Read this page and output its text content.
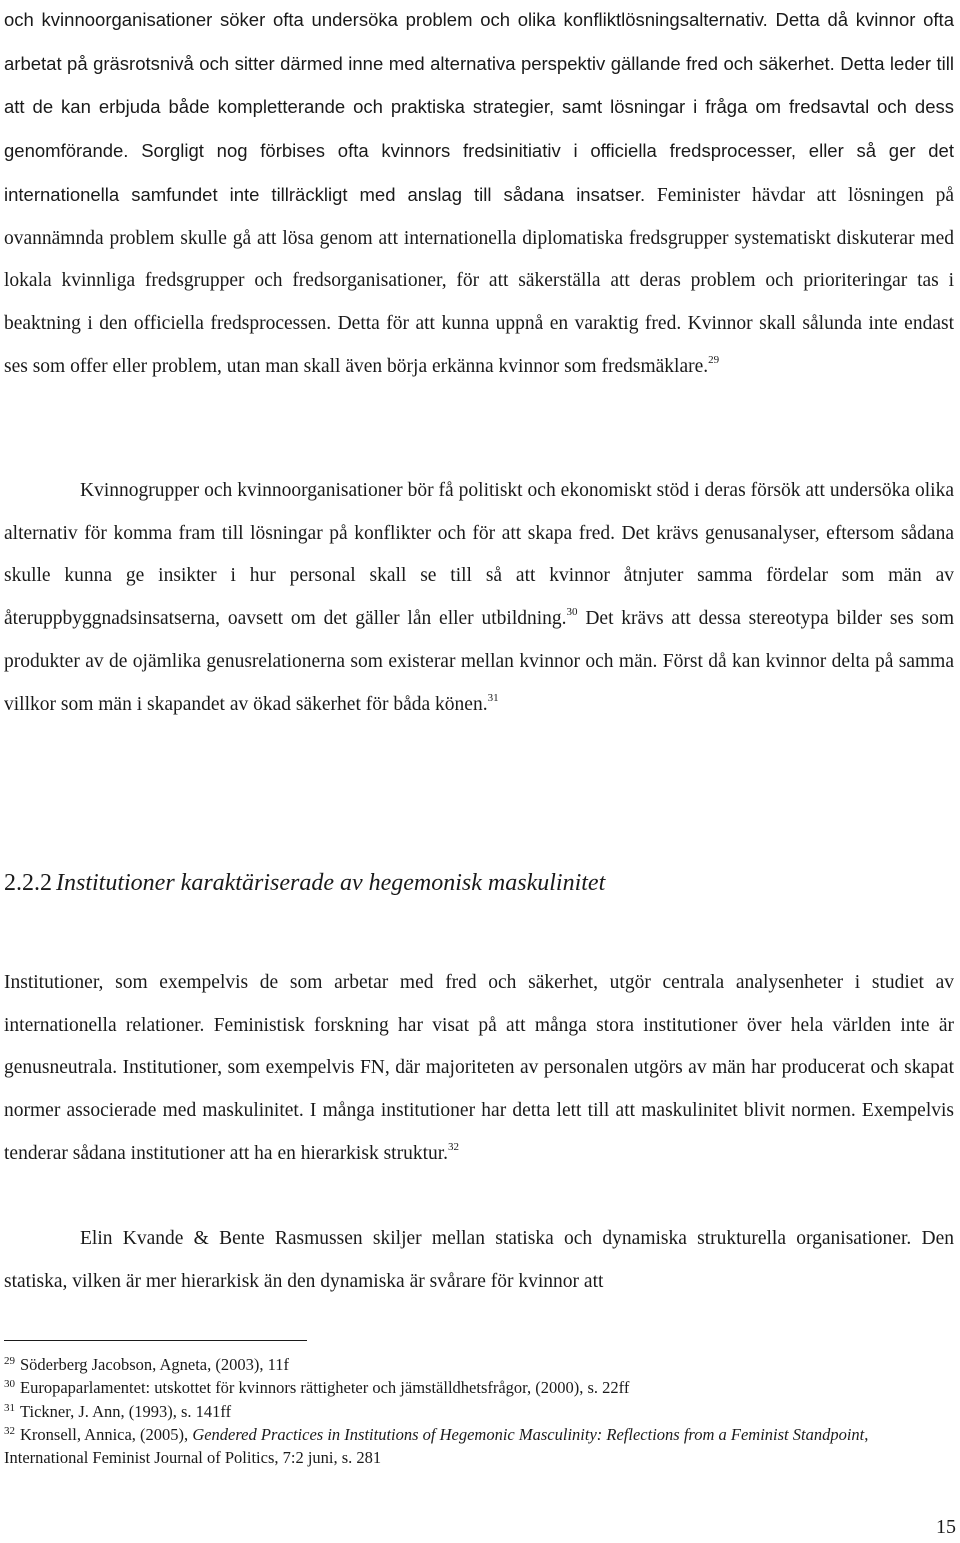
och kvinnoorganisationer söker ofta undersöka problem och olika konfliktlösningsalternativ. Detta då kvinnor ofta arbetat på gräsrotsnivå och sitter därmed inne med alternativa perspektiv gällande fred och säkerhet. Detta leder till att de kan erbjuda både kompletterande och praktiska strategier, samt lösningar i fråga om fredsavtal och dess genomförande. Sorgligt nog förbises ofta kvinnors fredsinitiativ i officiella fredsprocesser, eller så ger det internationella samfundet inte tillräckligt med anslag till sådana insatser. Feminister hävdar att lösningen på ovannämnda problem skulle gå att lösa genom att internationella diplomatiska fredsgrupper systematiskt diskuterar med lokala kvinnliga fredsgrupper och fredsorganisationer, för att säkerställa att deras problem och prioriteringar tas i beaktning i den officiella fredsprocessen. Detta för att kunna uppnå en varaktig fred. Kvinnor skall sålunda inte endast ses som offer eller problem, utan man skall även börja erkänna kvinnor som fredsmäklare.$^{29}$

Kvinnogrupper och kvinnoorganisationer bör få politiskt och ekonomiskt stöd i deras försök att undersöka olika alternativ för komma fram till lösningar på konflikter och för att skapa fred. Det krävs genusanalyser, eftersom sådana skulle kunna ge insikter i hur personal skall se till så att kvinnor åtnjuter samma fördelar som män av återuppbyggnadsinsatserna, oavsett om det gäller lån eller utbildning.$^{30}$ Det krävs att dessa stereotypa bilder ses som produkter av de ojämlika genusrelationerna som existerar mellan kvinnor och män. Först då kan kvinnor delta på samma villkor som män i skapandet av ökad säkerhet för båda könen.$^{31}$

2.2.2 Institutioner karaktäriserade av hegemonisk maskulinitet

Institutioner, som exempelvis de som arbetar med fred och säkerhet, utgör centrala analysenheter i studiet av internationella relationer. Feministisk forskning har visat på att många stora institutioner över hela världen inte är genusneutrala. Institutioner, som exempelvis FN, där majoriteten av personalen utgörs av män har producerat och skapat normer associerade med maskulinitet. I många institutioner har detta lett till att maskulinitet blivit normen. Exempelvis tenderar sådana institutioner att ha en hierarkisk struktur.$^{32}$

Elin Kvande & Bente Rasmussen skiljer mellan statiska och dynamiska strukturella organisationer. Den statiska, vilken är mer hierarkisk än den dynamiska är svårare för kvinnor att

$^{29}$ Söderberg Jacobson, Agneta, (2003), 11f

$^{30}$ Europaparlamentet: utskottet för kvinnors rättigheter och jämställdhetsfrågor, (2000), s. 22ff

$^{31}$ Tickner, J. Ann, (1993), s. 141ff

$^{32}$ Kronsell, Annica, (2005), Gendered Practices in Institutions of Hegemonic Masculinity: Reflections from a Feminist Standpoint, International Feminist Journal of Politics, 7:2 juni, s. 281

15
